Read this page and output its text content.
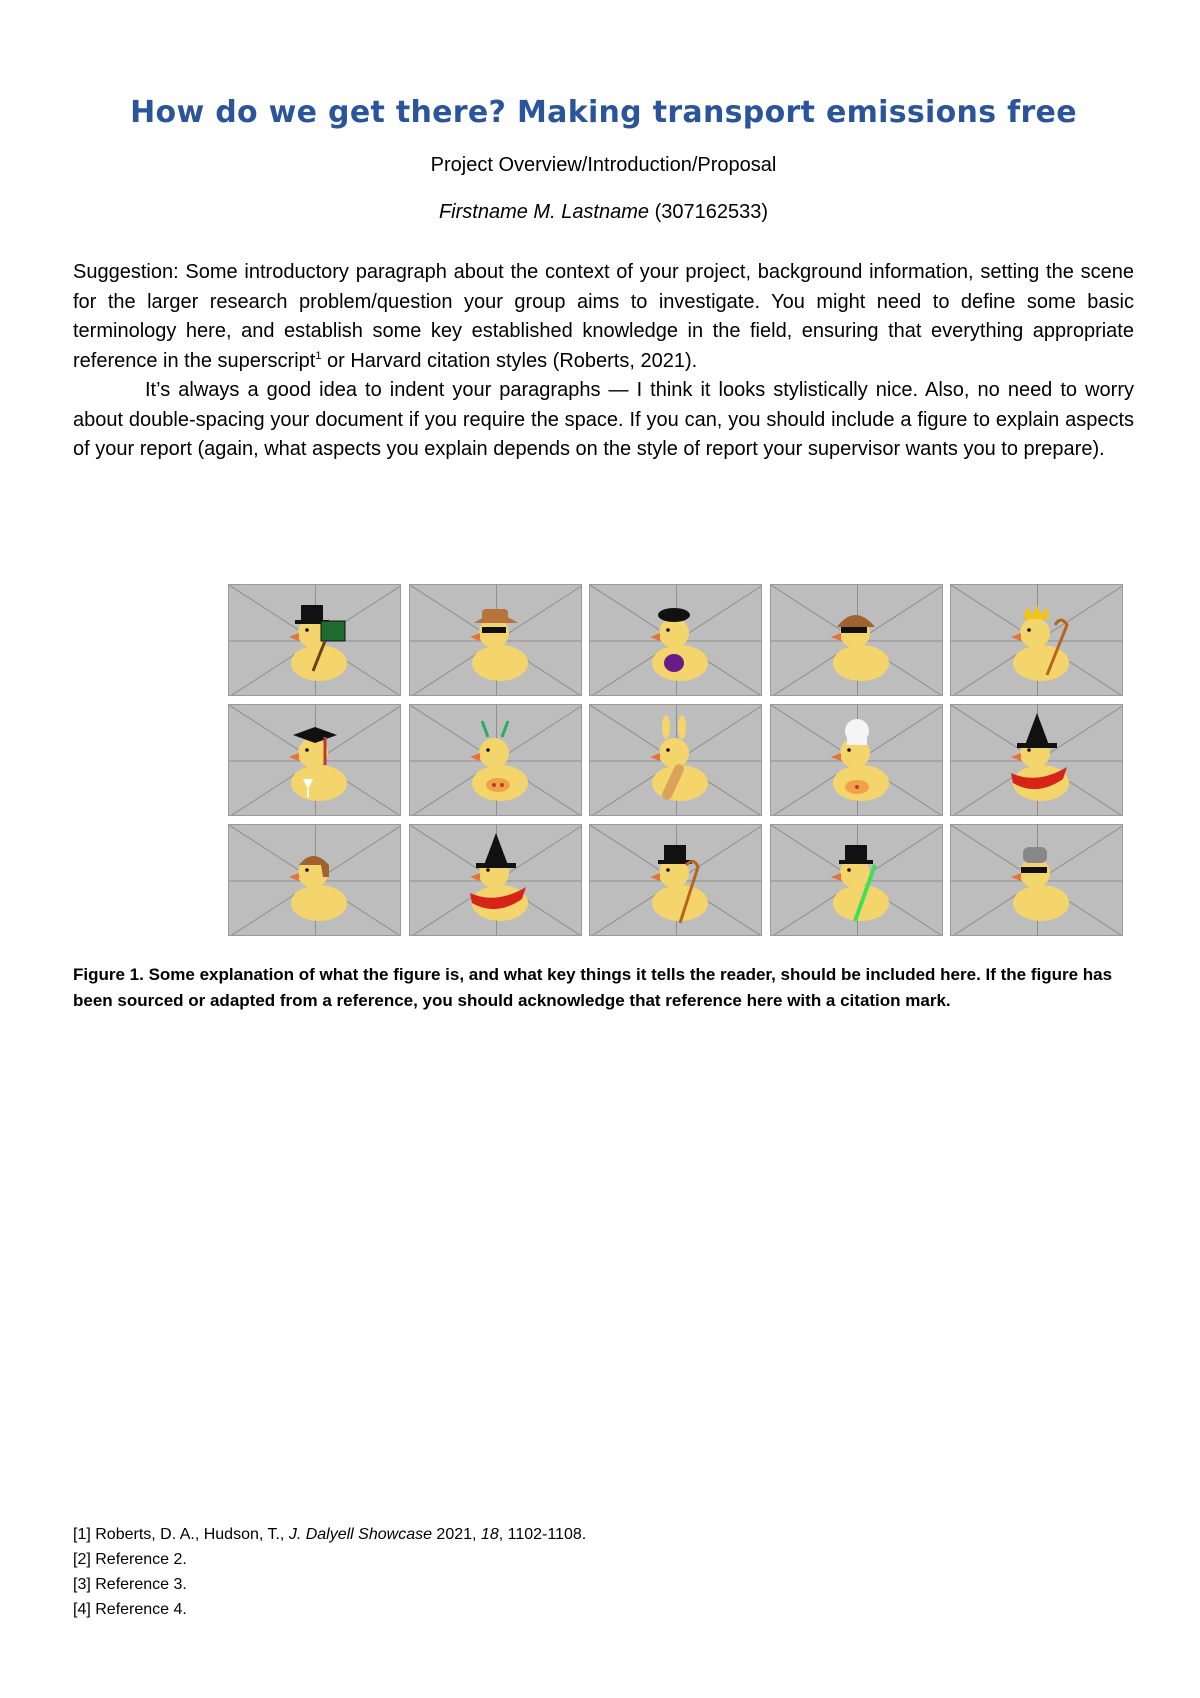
How do we get there? Making transport emissions free
Project Overview/Introduction/Proposal
Firstname M. Lastname (307162533)

Suggestion: Some introductory paragraph about the context of your project, background information, setting the scene for the larger research problem/question your group aims to investigate. You might need to define some basic terminology here, and establish some key established knowledge in the field, ensuring that everything appropriate reference in the superscript$^1$ or Harvard citation styles (Roberts, 2021).

It’s always a good idea to indent your paragraphs — I think it looks stylistically nice. Also, no need to worry about double-spacing your document if you require the space. If you can, you should include a figure to explain aspects of your report (again, what aspects you explain depends on the style of report your supervisor wants you to prepare).

Figure 1. Some explanation of what the figure is, and what key things it tells the reader, should be included here. If the figure has been sourced or adapted from a reference, you should acknowledge that reference here with a citation mark.
[1] Roberts, D. A., Hudson, T., J. Dalyell Showcase 2021, 18, 1102-1108.
[2] Reference 2.
[3] Reference 3.
[4] Reference 4.
